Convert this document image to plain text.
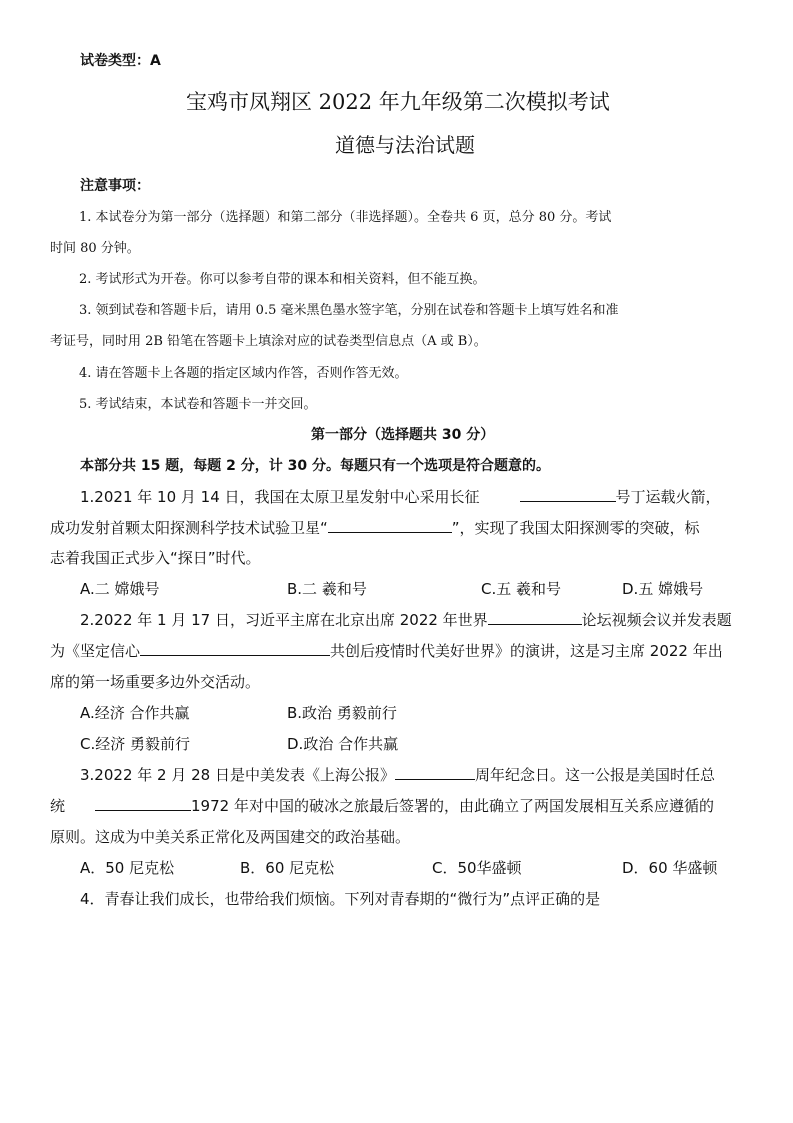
试卷类型：A
宝鸡市凤翔区 2022 年九年级第二次模拟考试
道德与法治试题
注意事项：
1. 本试卷分为第一部分（选择题）和第二部分（非选择题）。全卷共 6 页，总分 80 分。考试
时间 80 分钟。
2. 考试形式为开卷。你可以参考自带的课本和相关资料，但不能互换。
3. 领到试卷和答题卡后，请用 0.5 毫米黑色墨水签字笔，分别在试卷和答题卡上填写姓名和准
考证号，同时用 2B 铅笔在答题卡上填涂对应的试卷类型信息点（A 或 B）。
4. 请在答题卡上各题的指定区域内作答，否则作答无效。
5. 考试结束，本试卷和答题卡一并交回。
第一部分（选择题共 30 分）
本部分共 15 题，每题 2 分，计 30 分。每题只有一个选项是符合题意的。
1.2021 年 10 月 14 日，我国在太原卫星发射中心采用长征	号丁运载火箭，
成功发射首颗太阳探测科学技术试验卫星“	”，实现了我国太阳探测零的突破，标
志着我国正式步入“探日”时代。
A.二 嫦娥号	B.二 羲和号	C.五 羲和号	D.五 嫦娥号
2.2022 年 1 月 17 日，习近平主席在北京出席 2022 年世界	论坛视频会议并发表题
为《坚定信心	共创后疫情时代美好世界》的演讲，这是习主席 2022 年出
席的第一场重要多边外交活动。
A.经济 合作共赢	B.政治 勇毅前行
C.经济 勇毅前行	D.政治 合作共赢
3.2022 年 2 月 28 日是中美发表《上海公报》	周年纪念日。这一公报是美国时任总
统	1972 年对中国的破冰之旅最后签署的，由此确立了两国发展相互关系应遵循的
原则。这成为中美关系正常化及两国建交的政治基础。
A．50 尼克松	B．60 尼克松	C．50华盛顿	D．60 华盛顿
4．青春让我们成长，也带给我们烦恼。下列对青春期的“微行为”点评正确的是
